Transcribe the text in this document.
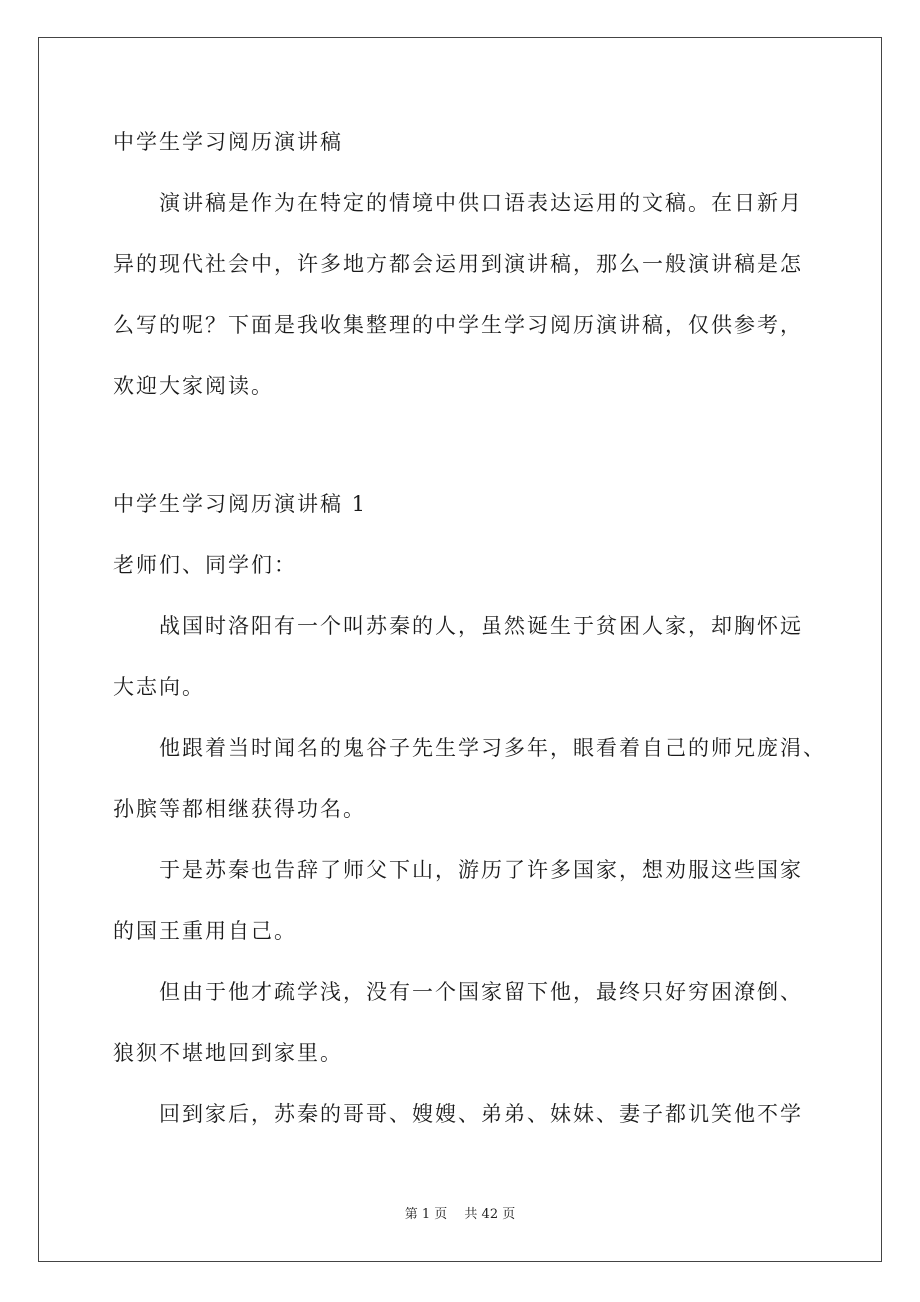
中学生学习阅历演讲稿
　　演讲稿是作为在特定的情境中供口语表达运用的文稿。在日新月
异的现代社会中，许多地方都会运用到演讲稿，那么一般演讲稿是怎
么写的呢？下面是我收集整理的中学生学习阅历演讲稿，仅供参考，
欢迎大家阅读。
中学生学习阅历演讲稿 1
老师们、同学们：
　　战国时洛阳有一个叫苏秦的人，虽然诞生于贫困人家，却胸怀远
大志向。
　　他跟着当时闻名的鬼谷子先生学习多年，眼看着自己的师兄庞涓、
孙膑等都相继获得功名。
　　于是苏秦也告辞了师父下山，游历了许多国家，想劝服这些国家
的国王重用自己。
　　但由于他才疏学浅，没有一个国家留下他，最终只好穷困潦倒、
狼狈不堪地回到家里。
　　回到家后，苏秦的哥哥、嫂嫂、弟弟、妹妹、妻子都讥笑他不学
第 1 页　 共 42 页
